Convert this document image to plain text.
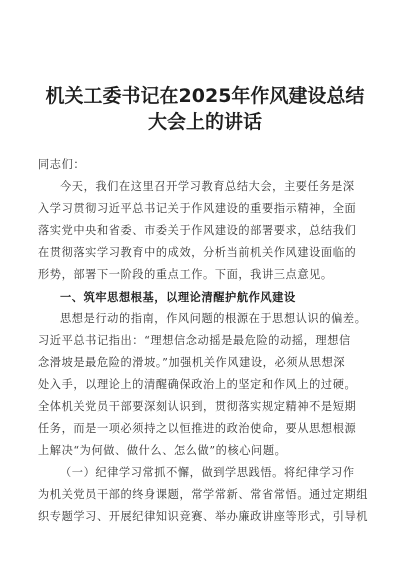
机关工委书记在2025年作风建设总结
大会上的讲话
同志们：
今天，我们在这里召开学习教育总结大会，主要任务是深
入学习贯彻习近平总书记关于作风建设的重要指示精神，全面
落实党中央和省委、市委关于作风建设的部署要求，总结我们
在贯彻落实学习教育中的成效，分析当前机关作风建设面临的
形势，部署下一阶段的重点工作。下面，我讲三点意见。
一、筑牢思想根基，以理论清醒护航作风建设
思想是行动的指南，作风问题的根源在于思想认识的偏差。
习近平总书记指出：“理想信念动摇是最危险的动摇，理想信
念滑坡是最危险的滑坡。”加强机关作风建设，必须从思想深
处入手，以理论上的清醒确保政治上的坚定和作风上的过硬。
全体机关党员干部要深刻认识到，贯彻落实规定精神不是短期
任务，而是一项必须持之以恒推进的政治使命，要从思想根源
上解决“为何做、做什么、怎么做”的核心问题。
（一）纪律学习常抓不懈，做到学思践悟。将纪律学习作
为机关党员干部的终身课题，常学常新、常省常悟。通过定期组
织专题学习、开展纪律知识竞赛、举办廉政讲座等形式，引导机
